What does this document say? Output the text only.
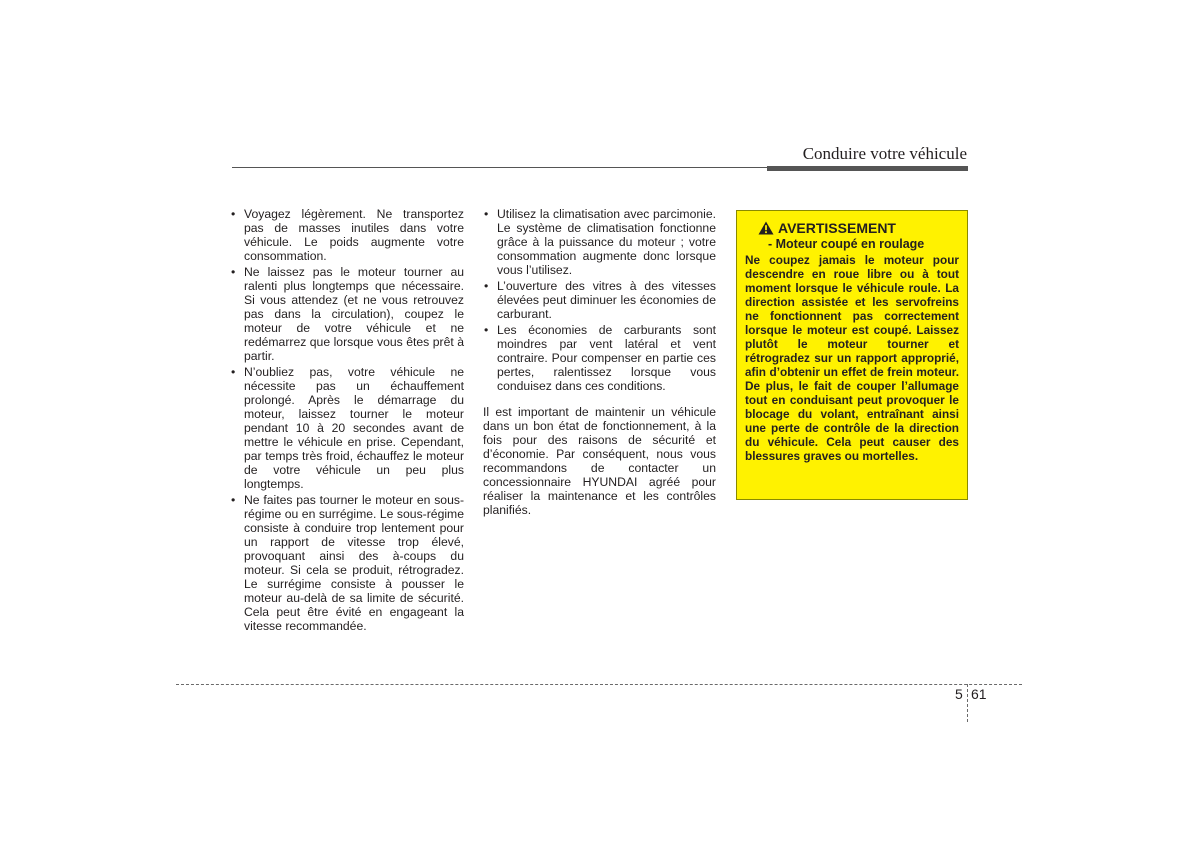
Conduire votre véhicule
• Voyagez légèrement. Ne transportez pas de masses inutiles dans votre véhicule. Le poids augmente votre consommation.
• Ne laissez pas le moteur tourner au ralenti plus longtemps que nécessaire. Si vous attendez (et ne vous retrouvez pas dans la circulation), coupez le moteur de votre véhicule et ne redémarrez que lorsque vous êtes prêt à partir.
• N’oubliez pas, votre véhicule ne nécessite pas un échauffement prolongé. Après le démarrage du moteur, laissez tourner le moteur pendant 10 à 20 secondes avant de mettre le véhicule en prise. Cependant, par temps très froid, échauffez le moteur de votre véhicule un peu plus longtemps.
• Ne faites pas tourner le moteur en sous-régime ou en surrégime. Le sous-régime consiste à conduire trop lentement pour un rapport de vitesse trop élevé, provoquant ainsi des à-coups du moteur. Si cela se produit, rétrogradez. Le surrégime consiste à pousser le moteur au-delà de sa limite de sécurité. Cela peut être évité en engageant la vitesse recommandée.
• Utilisez la climatisation avec parcimonie. Le système de climatisation fonctionne grâce à la puissance du moteur ; votre consommation augmente donc lorsque vous l’utilisez.
• L’ouverture des vitres à des vitesses élevées peut diminuer les économies de carburant.
• Les économies de carburants sont moindres par vent latéral et vent contraire. Pour compenser en partie ces pertes, ralentissez lorsque vous conduisez dans ces conditions.

Il est important de maintenir un véhicule dans un bon état de fonctionnement, à la fois pour des raisons de sécurité et d’économie. Par conséquent, nous vous recommandons de contacter un concessionnaire HYUNDAI agréé pour réaliser la maintenance et les contrôles planifiés.

AVERTISSEMENT
- Moteur coupé en roulage

Ne coupez jamais le moteur pour descendre en roue libre ou à tout moment lorsque le véhicule roule. La direction assistée et les servofreins ne fonctionnent pas correctement lorsque le moteur est coupé. Laissez plutôt le moteur tourner et rétrogradez sur un rapport approprié, afin d’obtenir un effet de frein moteur. De plus, le fait de couper l’allumage tout en conduisant peut provoquer le blocage du volant, entraînant ainsi une perte de contrôle de la direction du véhicule. Cela peut causer des blessures graves ou mortelles.

5 61
